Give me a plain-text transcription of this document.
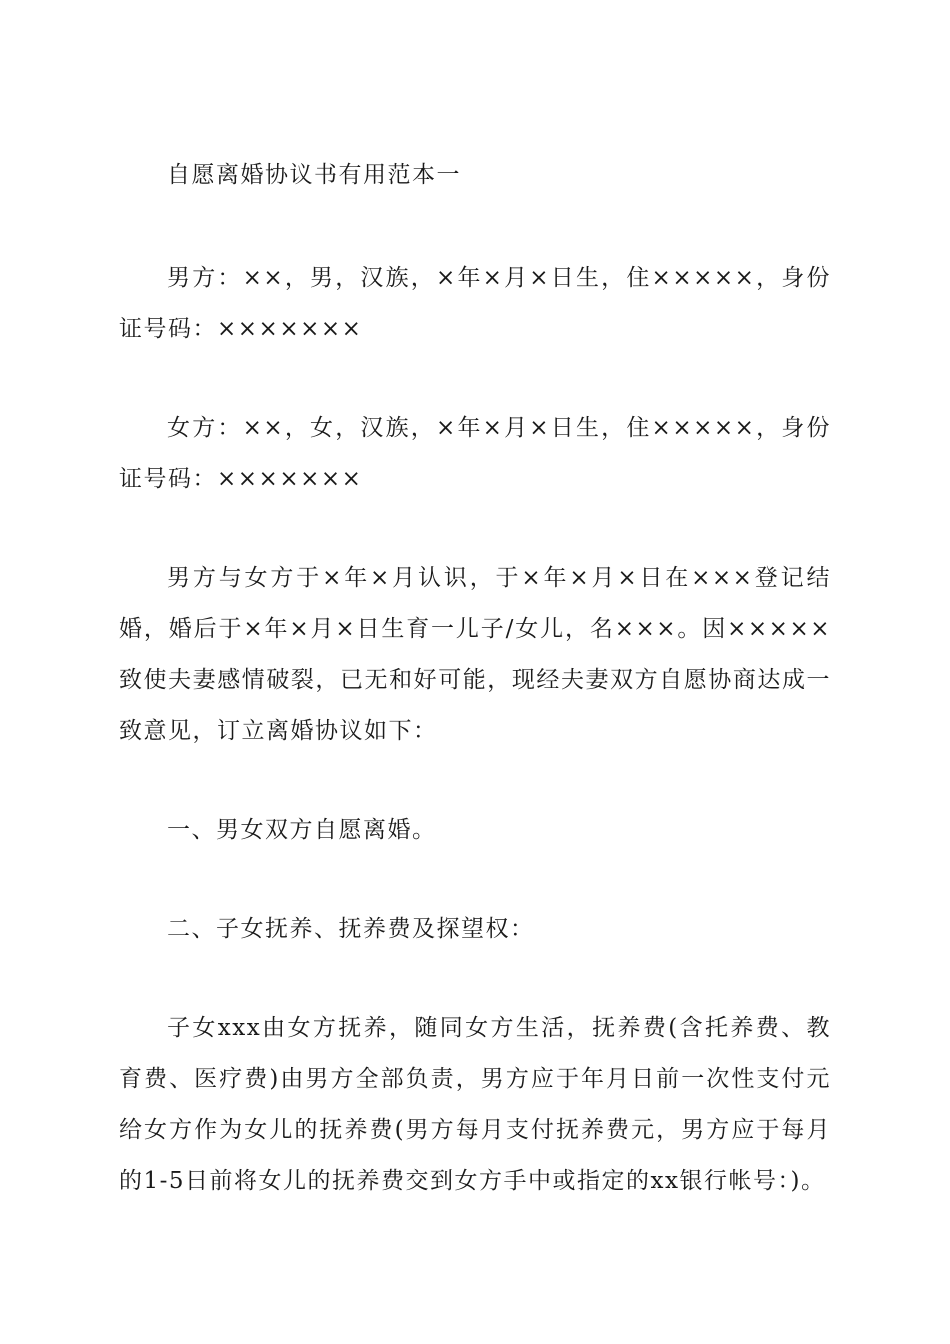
自愿离婚协议书有用范本一

男方：××，男，汉族，×年×月×日生，住×××××，身份证号码：×××××××

女方：××，女，汉族，×年×月×日生，住×××××，身份证号码：×××××××

男方与女方于×年×月认识，于×年×月×日在×××登记结婚，婚后于×年×月×日生育一儿子/女儿，名×××。因×××××致使夫妻感情破裂，已无和好可能，现经夫妻双方自愿协商达成一致意见，订立离婚协议如下：

一、男女双方自愿离婚。

二、子女抚养、抚养费及探望权：

子女xxx由女方抚养，随同女方生活，抚养费(含托养费、教育费、医疗费)由男方全部负责，男方应于年月日前一次性支付元给女方作为女儿的抚养费(男方每月支付抚养费元，男方应于每月的1-5日前将女儿的抚养费交到女方手中或指定的xx银行帐号：)。
